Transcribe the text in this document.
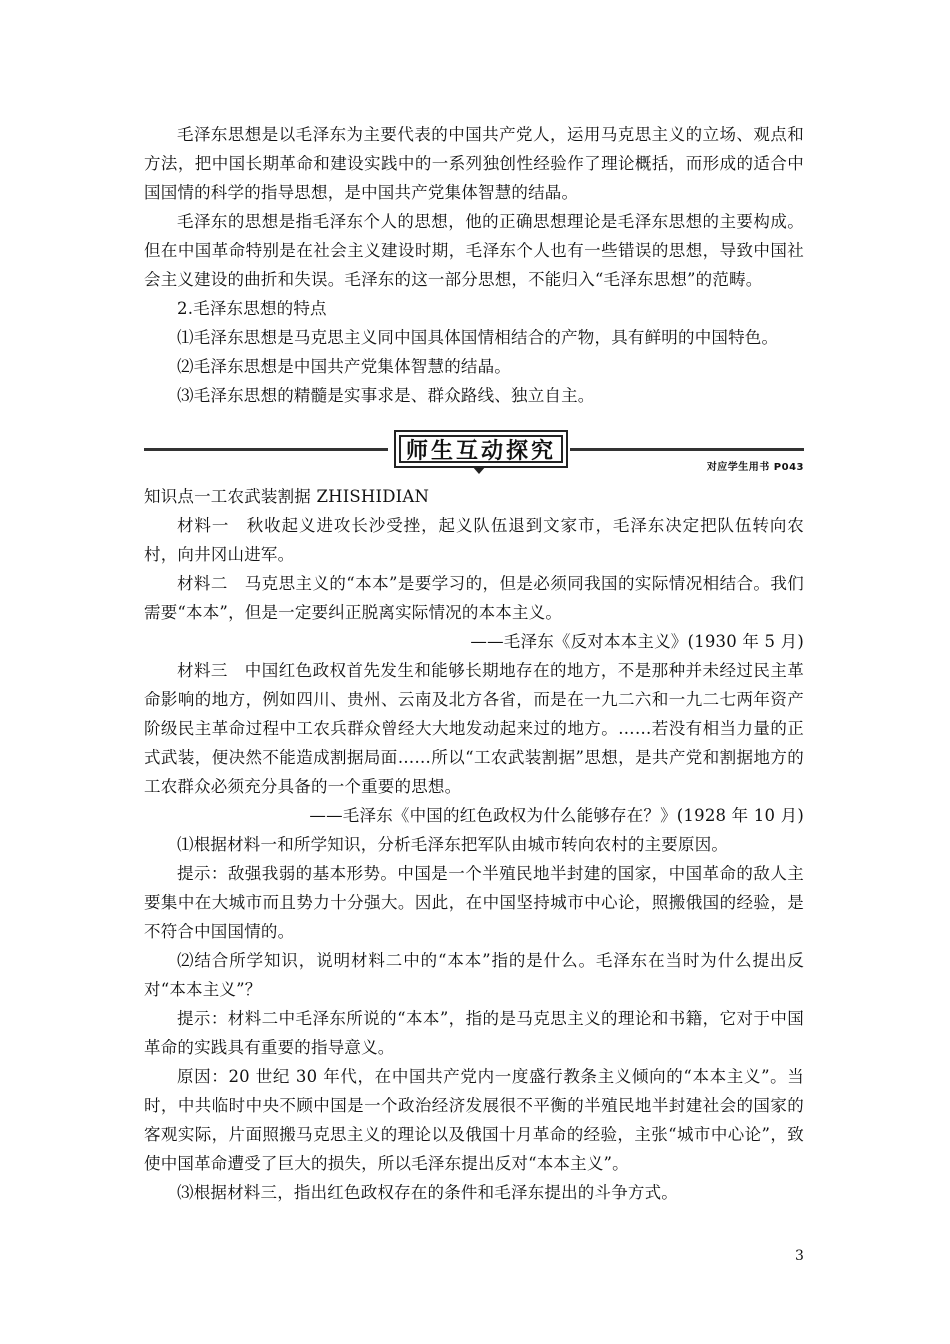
毛泽东思想是以毛泽东为主要代表的中国共产党人，运用马克思主义的立场、观点和方法，把中国长期革命和建设实践中的一系列独创性经验作了理论概括，而形成的适合中国国情的科学的指导思想，是中国共产党集体智慧的结晶。

毛泽东的思想是指毛泽东个人的思想，他的正确思想理论是毛泽东思想的主要构成。但在中国革命特别是在社会主义建设时期，毛泽东个人也有一些错误的思想，导致中国社会主义建设的曲折和失误。毛泽东的这一部分思想，不能归入“毛泽东思想”的范畴。

2.毛泽东思想的特点

⑴毛泽东思想是马克思主义同中国具体国情相结合的产物，具有鲜明的中国特色。

⑵毛泽东思想是中国共产党集体智慧的结晶。

⑶毛泽东思想的精髓是实事求是、群众路线、独立自主。

师生互动探究
对应学生用书 P043

知识点一工农武装割据 ZHISHIDIAN

材料一　秋收起义进攻长沙受挫，起义队伍退到文家市，毛泽东决定把队伍转向农村，向井冈山进军。

材料二　马克思主义的“本本”是要学习的，但是必须同我国的实际情况相结合。我们需要“本本”，但是一定要纠正脱离实际情况的本本主义。

——毛泽东《反对本本主义》(1930 年 5 月)

材料三　中国红色政权首先发生和能够长期地存在的地方，不是那种并未经过民主革命影响的地方，例如四川、贵州、云南及北方各省，而是在一九二六和一九二七两年资产阶级民主革命过程中工农兵群众曾经大大地发动起来过的地方。……若没有相当力量的正式武装，便决然不能造成割据局面……所以“工农武装割据”思想，是共产党和割据地方的工农群众必须充分具备的一个重要的思想。

——毛泽东《中国的红色政权为什么能够存在？》(1928 年 10 月)

⑴根据材料一和所学知识，分析毛泽东把军队由城市转向农村的主要原因。

提示：敌强我弱的基本形势。中国是一个半殖民地半封建的国家，中国革命的敌人主要集中在大城市而且势力十分强大。因此，在中国坚持城市中心论，照搬俄国的经验，是不符合中国国情的。

⑵结合所学知识，说明材料二中的“本本”指的是什么。毛泽东在当时为什么提出反对“本本主义”？

提示：材料二中毛泽东所说的“本本”，指的是马克思主义的理论和书籍，它对于中国革命的实践具有重要的指导意义。

原因：20 世纪 30 年代，在中国共产党内一度盛行教条主义倾向的“本本主义”。当时，中共临时中央不顾中国是一个政治经济发展很不平衡的半殖民地半封建社会的国家的客观实际，片面照搬马克思主义的理论以及俄国十月革命的经验，主张“城市中心论”，致使中国革命遭受了巨大的损失，所以毛泽东提出反对“本本主义”。

⑶根据材料三，指出红色政权存在的条件和毛泽东提出的斗争方式。

3
